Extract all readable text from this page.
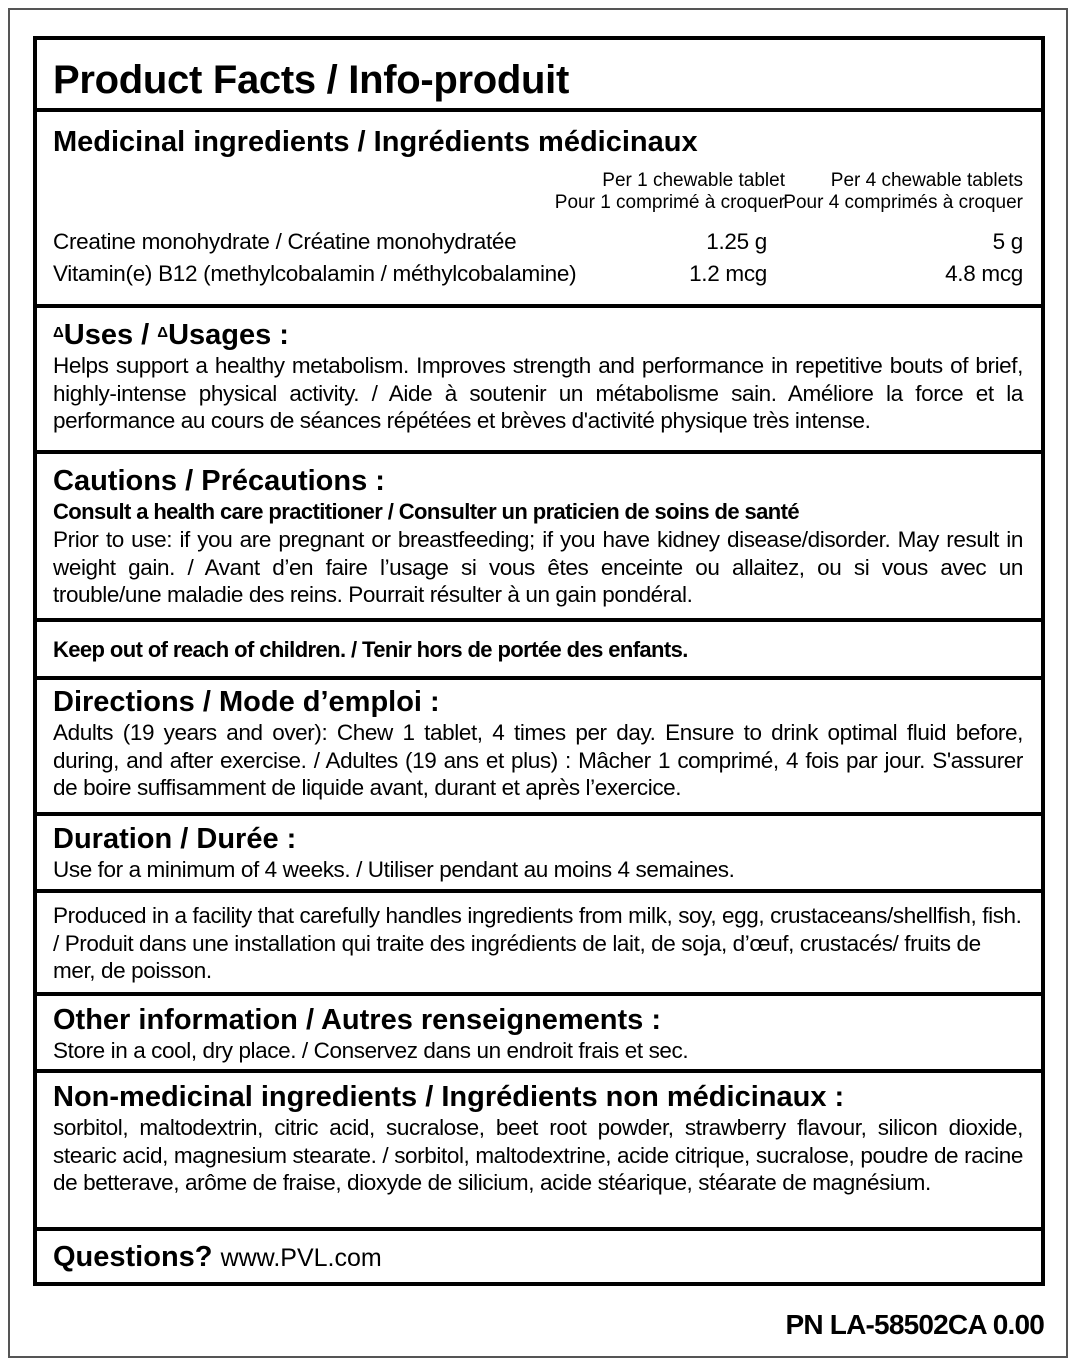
Product Facts / Info-produit
Medicinal ingredients / Ingrédients médicinaux
Per 1 chewable tablet
Pour 1 comprimé à croquer
Per 4 chewable tablets
Pour 4 comprimés à croquer
Creatine monohydrate / Créatine monohydratée	1.25 g	5 g
Vitamin(e) B12 (methylcobalamin / méthylcobalamine)	1.2 mcg	4.8 mcg
$^\Delta$Uses / $^\Delta$Usages :
Helps support a healthy metabolism. Improves strength and performance in repetitive bouts of brief, highly-intense physical activity. / Aide à soutenir un métabolisme sain. Améliore la force et la performance au cours de séances répétées et brèves d'activité physique très intense.
Cautions / Précautions :
Consult a health care practitioner / Consulter un praticien de soins de santé
Prior to use: if you are pregnant or breastfeeding; if you have kidney disease/disorder. May result in weight gain. / Avant d’en faire l’usage si vous êtes enceinte ou allaitez, ou si vous avec un trouble/une maladie des reins. Pourrait résulter à un gain pondéral.
Keep out of reach of children. / Tenir hors de portée des enfants.
Directions / Mode d’emploi :
Adults (19 years and over): Chew 1 tablet, 4 times per day. Ensure to drink optimal fluid before, during, and after exercise. / Adultes (19 ans et plus) : Mâcher 1 comprimé, 4 fois par jour. S'assurer de boire suffisamment de liquide avant, durant et après l’exercice.
Duration / Durée :
Use for a minimum of 4 weeks. / Utiliser pendant au moins 4 semaines.
Produced in a facility that carefully handles ingredients from milk, soy, egg, crustaceans/shellfish, fish. / Produit dans une installation qui traite des ingrédients de lait, de soja, d’œuf, crustacés/ fruits de mer, de poisson.
Other information / Autres renseignements :
Store in a cool, dry place. / Conservez dans un endroit frais et sec.
Non-medicinal ingredients / Ingrédients non médicinaux :
sorbitol, maltodextrin, citric acid, sucralose, beet root powder, strawberry flavour, silicon dioxide, stearic acid, magnesium stearate. / sorbitol, maltodextrine, acide citrique, sucralose, poudre de racine de betterave, arôme de fraise, dioxyde de silicium, acide stéarique, stéarate de magnésium.
Questions? www.PVL.com
PN LA-58502CA 0.00
